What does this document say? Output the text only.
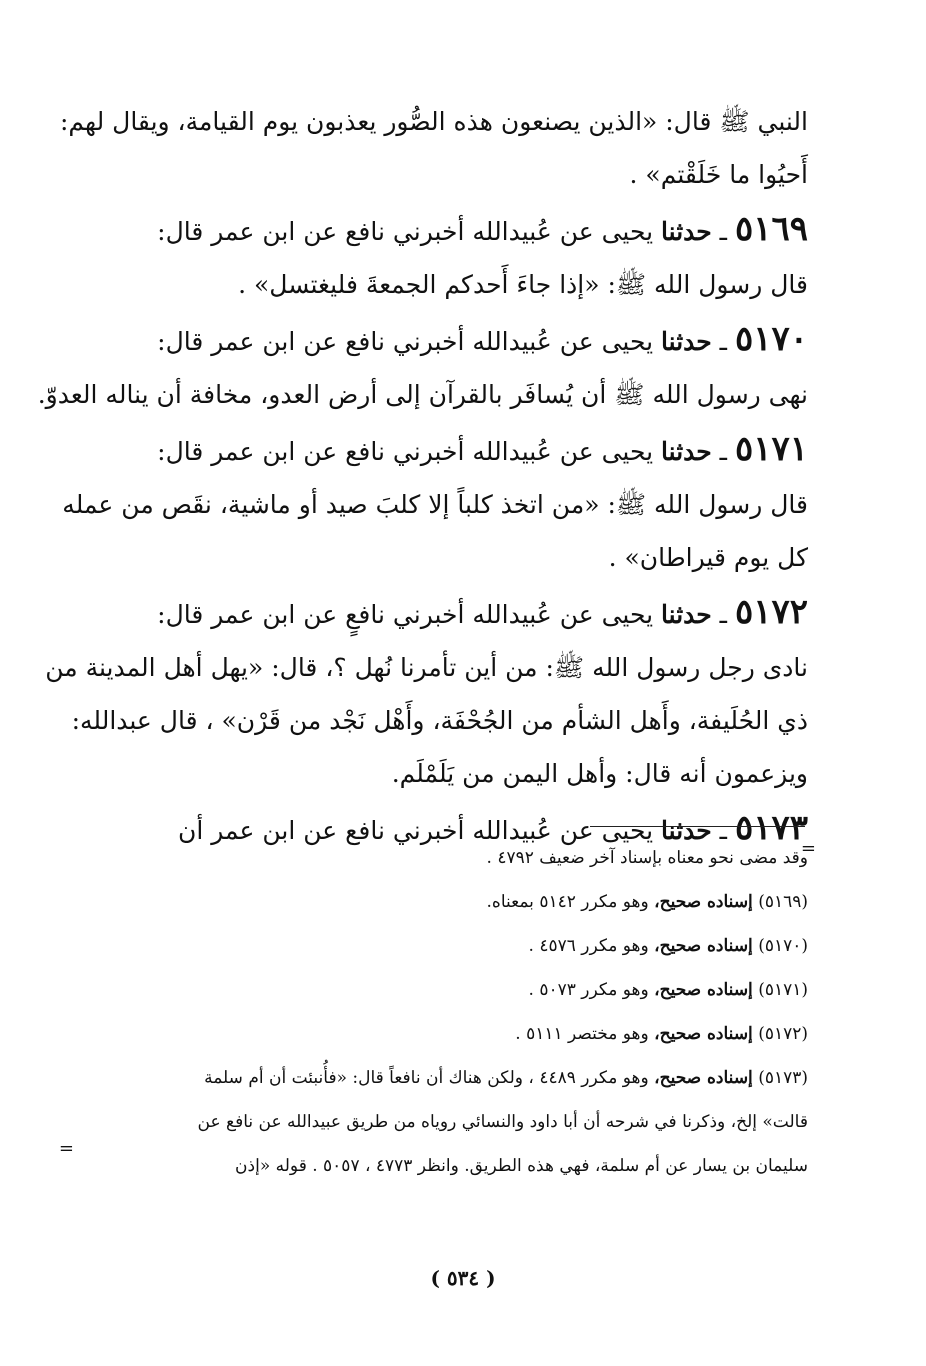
النبي ﷺ قال: «الذين يصنعون هذه الصُّور يعذبون يوم القيامة، ويقال لهم:
أَحيُوا ما خَلَقْتم» .
٥١٦٩ ـ حدثنا يحيى عن عُبيدالله أخبرني نافع عن ابن عمر قال:
قال رسول الله ﷺ: «إذا جاءَ أَحدكم الجمعةَ فليغتسل» .
٥١٧٠ ـ حدثنا يحيى عن عُبيدالله أخبرني نافع عن ابن عمر قال:
نهى رسول الله ﷺ أن يُسافَر بالقرآن إلى أرض العدو، مخافة أن يناله العدوّ.
٥١٧١ ـ حدثنا يحيى عن عُبيدالله أخبرني نافع عن ابن عمر قال:
قال رسول الله ﷺ: «من اتخذ كلباً إلا كلبَ صيد أو ماشية، نقَص من عمله
كل يوم قيراطان» .
٥١٧٢ ـ حدثنا يحيى عن عُبيدالله أخبرني نافعٍ عن ابن عمر قال:
نادى رجل رسول الله ﷺ: من أين تأمرنا نُهل ؟، قال: «يهل أهل المدينة من
ذي الحُلَيفة، وأَهل الشأم من الجُحْفَة، وأَهْل نَجْد من قَرْن» ، قال عبدالله:
ويزعمون أنه قال: وأهل اليمن من يَلَمْلَم.
٥١٧٣ ـ حدثنا يحيى عن عُبيدالله أخبرني نافع عن ابن عمر أن
=
وقد مضى نحو معناه بإسناد آخر ضعيف ٤٧٩٢ .
(٥١٦٩) إسناده صحيح، وهو مكرر ٥١٤٢ بمعناه.
(٥١٧٠) إسناده صحيح، وهو مكرر ٤٥٧٦ .
(٥١٧١) إسناده صحيح، وهو مكرر ٥٠٧٣ .
(٥١٧٢) إسناده صحيح، وهو مختصر ٥١١١ .
(٥١٧٣) إسناده صحيح، وهو مكرر ٤٤٨٩ ، ولكن هناك أن نافعاً قال: «فأُنبئت أن أم سلمة
قالت» إلخ، وذكرنا في شرحه أن أبا داود والنسائي روياه من طريق عبيدالله عن نافع عن
سليمان بن يسار عن أم سلمة، فهي هذه الطريق. وانظر ٤٧٧٣ ، ٥٠٥٧ . قوله «إذن
=
( ٥٣٤ )
